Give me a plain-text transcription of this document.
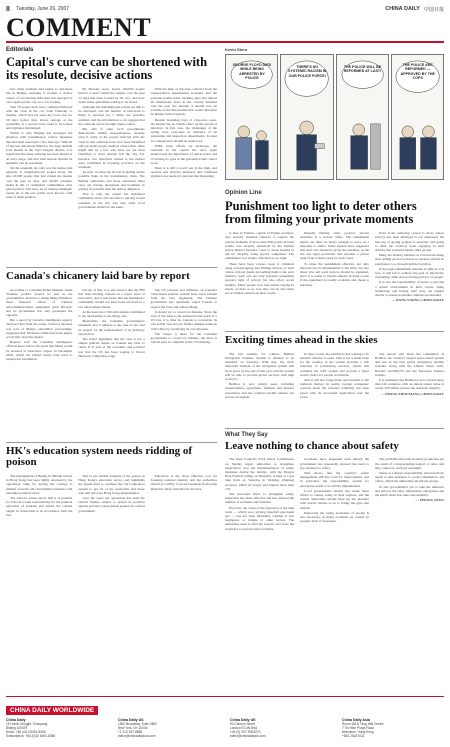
8 Tuesday, June 26, 2007	CHINA DAILY 中国日报
COMMENT
Editorials
Capital's curve can be shortened with its resolute, decisive actions

Just when residents had begun to anticipate life in Beijing returning to normal, a chance cluster of coronavirus infections has emerged to once again put the city on a war footing.

That 79 people have been confirmed infected with the virus in the city from Thursday to Sunday, which had not seen any local case for 56 days before that, shows outrage at the possibility of a second wave ruled to be locked and vigilance maintained.

Which is why Beijing has managed the situation with transmission control measures that had been eased just a few days ago. With all of the new infections linked to the huge Xinfadi food market in the city's Fengtai district, it is hoped that the latest outbreak has been nipped at an early stage, and that with lessons learned an epidemic can be prevented.

On the weekend, not only was the market and adjacent 11 neighborhoods locked down, but also 20,000 people that had visited the market over the past 14 days, and 36,467 residents living in the 11 residential communities were given nucleic acid tests. As of Sunday midnight, nearly all of the test results were known, with none of them positive.

By Monday noon, nearly 100,000 people known to have visited the market over the past 14 days had been located by the city, and were under home quarantine waiting to be tested.

Although the remaining test results are still to be disclosed, and the number of infections is likely to increase for a while, the probable statistics and the information so far suggest that the outbreak can be brought under control.

But only if other local governments demonstrate similar responsiveness, because even if some of the people infected with the virus in this outbreak have now been identified and put under proper medical observation, there might still be a few who have not yet been identified or have already left the city. For instance, two infections related to the market were confirmed in Liaoning province on the weekend.

As such, no time can be lost in finding all the possible links in the transmission chain. The Beijing authorities and those elsewhere must carry out tracing, quarantine and treatment as quickly as possible with the utmost diligence.

That is why the capital has mobilized community-level civil servants to quickly screen residents in the city and why other local governments should do the same.

With the help of big data collected from the transportation departments, hospitals and the personal health status tracking apps that almost all smartphone users in the country installed over the past few months, it should now be possible to find the needles that would otherwise be hidden in the haystack.

Despite mounting days of virus-free cases, the market has no visible effect on the spread of infection. In this case, the challenges of the spring were overcome as vigilance of all quarantine and inspection departments. In state it's complacency should be reinforced.

While more efforts are underway, the outbreak in the capital has once again underscored the importance of quick action and of leaving no gaps in the prevention and control work.

Since it is still a world war in the high, and resolute and decisive measures and continued vigilance are needed to prevent that happening.

Canada's chicanery laid bare by report

According to Canadian Prime Minister Justin Trudeau, politics played no part in his government's decision to detain Meng Wanzhou, chief financial officer of Chinese telecommunications equipment giant Huawei, and its government has only pretended the opposite.

But a report by Canada's intelligence agency disclosed that from the outset, Ottawa's decision was part of Meng's extradition proceedings, suggested that Trudeau's claims had been empty words that cloud the matter.

Reports said the Canadian intelligence officials knew before the arrest that Meng would be arrested at Vancouver airport in December 2018, which the United States later used to request her extradition.

On top of this, it is also known that the FBI had been briefing Canada on a report since at least 2012, and it was aware that the intelligence community should not have been involved in a law enforcement matter.

At the least, the CSIS still remains committed to the relationship to the Meng case.

Meanwhile, the Canadian government's statement that it adheres to the rule of law and its respect for the independence of its judiciary ring hollow.

The report highlights that the case is not a simple judicial matter as Canada has tried to claim. It is part of the economic and political war that the US has been waging to thwart Huawei's competitive edge.

The US pressure and influence on Canada's 'rules-based judicial system' have been evident from the very beginning. The Chinese government has repeatedly urged Canada to respect the facts and release Meng.

It should try to correct its mistake. Since the crux of the issue is the extraterritorial reach of a US law, it is time for Canada to reconsider its role in this case and not further damage relations with China by sacrificing its own interests.

The longer it takes for the Canadian government to correct its mistake, the more it will be seen as complicit in the US bullying.

HK's education system needs ridding of poison

The management of Heung To Middle School in Hong Kong has been rightly attacked by the opposition camp for having the courage to dismiss a teacher who had instilled students with extremist political views.

The school's action shows that it is possible for schools to take responsibility for the political education of students and ensure the content taught in classrooms is in accordance with the law.

This is yet another example of the poison in Hong Kong's education sector, and highlights the urgent need to overhaul the city's education system to get rid of the separatists and those who still advocate Hong Kong independence.

Over the years the opposition has used the Liberal Studies subject to spread its political agenda and turn young minds against the central government.

Education is the most effective tool for fostering national identity, and the authorities should act swiftly to protect students from being misled by those with ulterior motives.

Kevin Stern
GEORGE FLOYD DIED WHILE BEING ARRESTED BY POLICE
THERE'S NO SYSTEMIC RACISM IN OUR POLICE FORCE!
THE POLICE WILL BE REFORMED AT LAST!
THE POLICE ARE REFORMED — APPROVED BY THE COPS
Opinion Line
Punishment too light to deter others from filming your private moments

A man in Fuzhou, capital of Fujian province, who secretly installed cameras to capture the private moments of more than 600 people in hotel rooms, was recently sentenced by the Fuzhou Gulou District People's Court to seven months in jail for illegally using special equipment. The punishment was widely criticized as too light.

There have been various cases of criminals using eavesdropping and filming devices to steal videos of hotel guests and selling them to the porn industry. Such acts not only seriously undermine people's right of privacy but also affect social stability. Many people now feel unsafe staying in hotels, as there is no way they can be sure there are no hidden cameras in their rooms.

Illegally filming other people's private moments is a serious crime. The punishment meted out must be heavy enough to serve as a deterrent to others. Some experts have suggested that such acts should be given the penalties, as the law has legal provisions that stipulate a prison term of up to three years for such cases.

To make the punishment effective, not only must the law be implemented to the letter, but also those who sell such devices should be punished, since it is easier to install cameras in hotel rooms if the equipment is readily available and cheap to purchase.

Even if the suffering caused to those whose privacy has been infringed is not addressed, the less use of spying gadgets is seriously and going to deter the violators from engaging in such activity that seriously harms other people.

Many are hosting websites as social networking sites selling special software to hackers should be sanctioned, too, through judicial verdicts.

If the legal punishment remains as light as it is now, it will fail to achieve the goal of effectively restraining crime and protecting privacy of people.

It is also the responsibility of hotels to provide a secure environment in their rooms, using technology and having staff carry out regular checks to ensure no hidden cameras are installed.

— WANG YIQING, CHINA DAILY

Exciting times ahead in the skies

The last satellite for China's BeiDou Navigation Satellite System is planned to be launched on Tuesday. With this, the most important element of the navigation system will be in place by the end of this year, and the system will be able to provide global services with high accuracy.

BeiDou is now widely used, including transportation, agriculture, fisheries and disaster prevention, and the country's mobile phones can receive its signals.

In other words, the satellite is just waiting to fit launch's window to open. This is not a small issue for the country, as the system provides a rich selection of positioning services, which will complete the GPS system and provide a more secure choice for people worldwide.

And it will also bring many new benefits to the domestic market. In reality, foreign companies' concern about the system's reliability has been eased with its successful application over the years.

The launch will mark the completion of BeiDou, the country's largest space-based system and one of the four global navigation satellite systems, along with the United States' GPS, Russia's GLONASS and the European Union's Galileo.

It is estimated that BeiDou is now used in more than 120 countries, with an annual output value of nearly 350 billion yuan in the domestic industry.

—ZHANG ZHOUXIANG, CHINA DAILY

What They Say
Leave nothing to chance about safety

The State Council's Work Safety Commission on Sunday urged authorities to strengthen supervision over the implementation of safety measures during the holiday, with the Dragon Boat Festival falling on Thursday. A blast at a gas tank truck on Saturday in Wenling, Zhejiang province, killed 20 people and injured more than 170.

The increased effort to strengthen safety inspection has been effective and has reduced the number of accidents and fatalities.

However, the cause of the explosion of the tank truck — which was carrying liquefied petroleum gas — has not been identified, whether it was negligence or fatigue or other factors. The authorities need to find the reasons and close the loopholes to prevent such accidents.

Accidents have happened even though the government has repeatedly stressed the need to pay attention to safety.

This shows that the country's safety management still has room for improvement, and in particular, the responsibility system for enterprises needs to be strictly implemented.

Local governments should also make more efforts to ensure safety in their regions, and the central authorities should keep up the pressure with stricter checks so as to bridge the gaps that remain.

Improving the safety awareness of people is also necessary, as many accidents are caused by people's lack of awareness.

The problems that exist in safety production are the result of a long-standing neglect of rules, and they cannot be resolved overnight.

Safety is a shared responsibility, and everybody needs to take measures to protect themselves and others, which the authorities should encourage.

It's the government's job to take the initiative and enforce the rules. Meanwhile, enterprises and the public must also take responsibility.

— PEKING NEWS

CHINA DAILY WORLDWIDE
China Daily
15 Huixin Dongjie, Chaoyang
Beijing 100029
News: +86 (0)10 6491-8366
Subscription: +86 (0)10 6491-8366
China Daily US
1500 Broadway, Suite 2800
New York, NY 10036
+1 212 537-8888
editor@chinadailyusa.com
China Daily UK
90 Cannon Street
London EC4N 6HA
+44 (0) 207 398 8270
editor@chinadailyuk.com
China Daily Asia
Room 1818, Hing Wai Centre
7 Tin Wan Praya Road
Aberdeen, Hong Kong
+852 2518 5111
